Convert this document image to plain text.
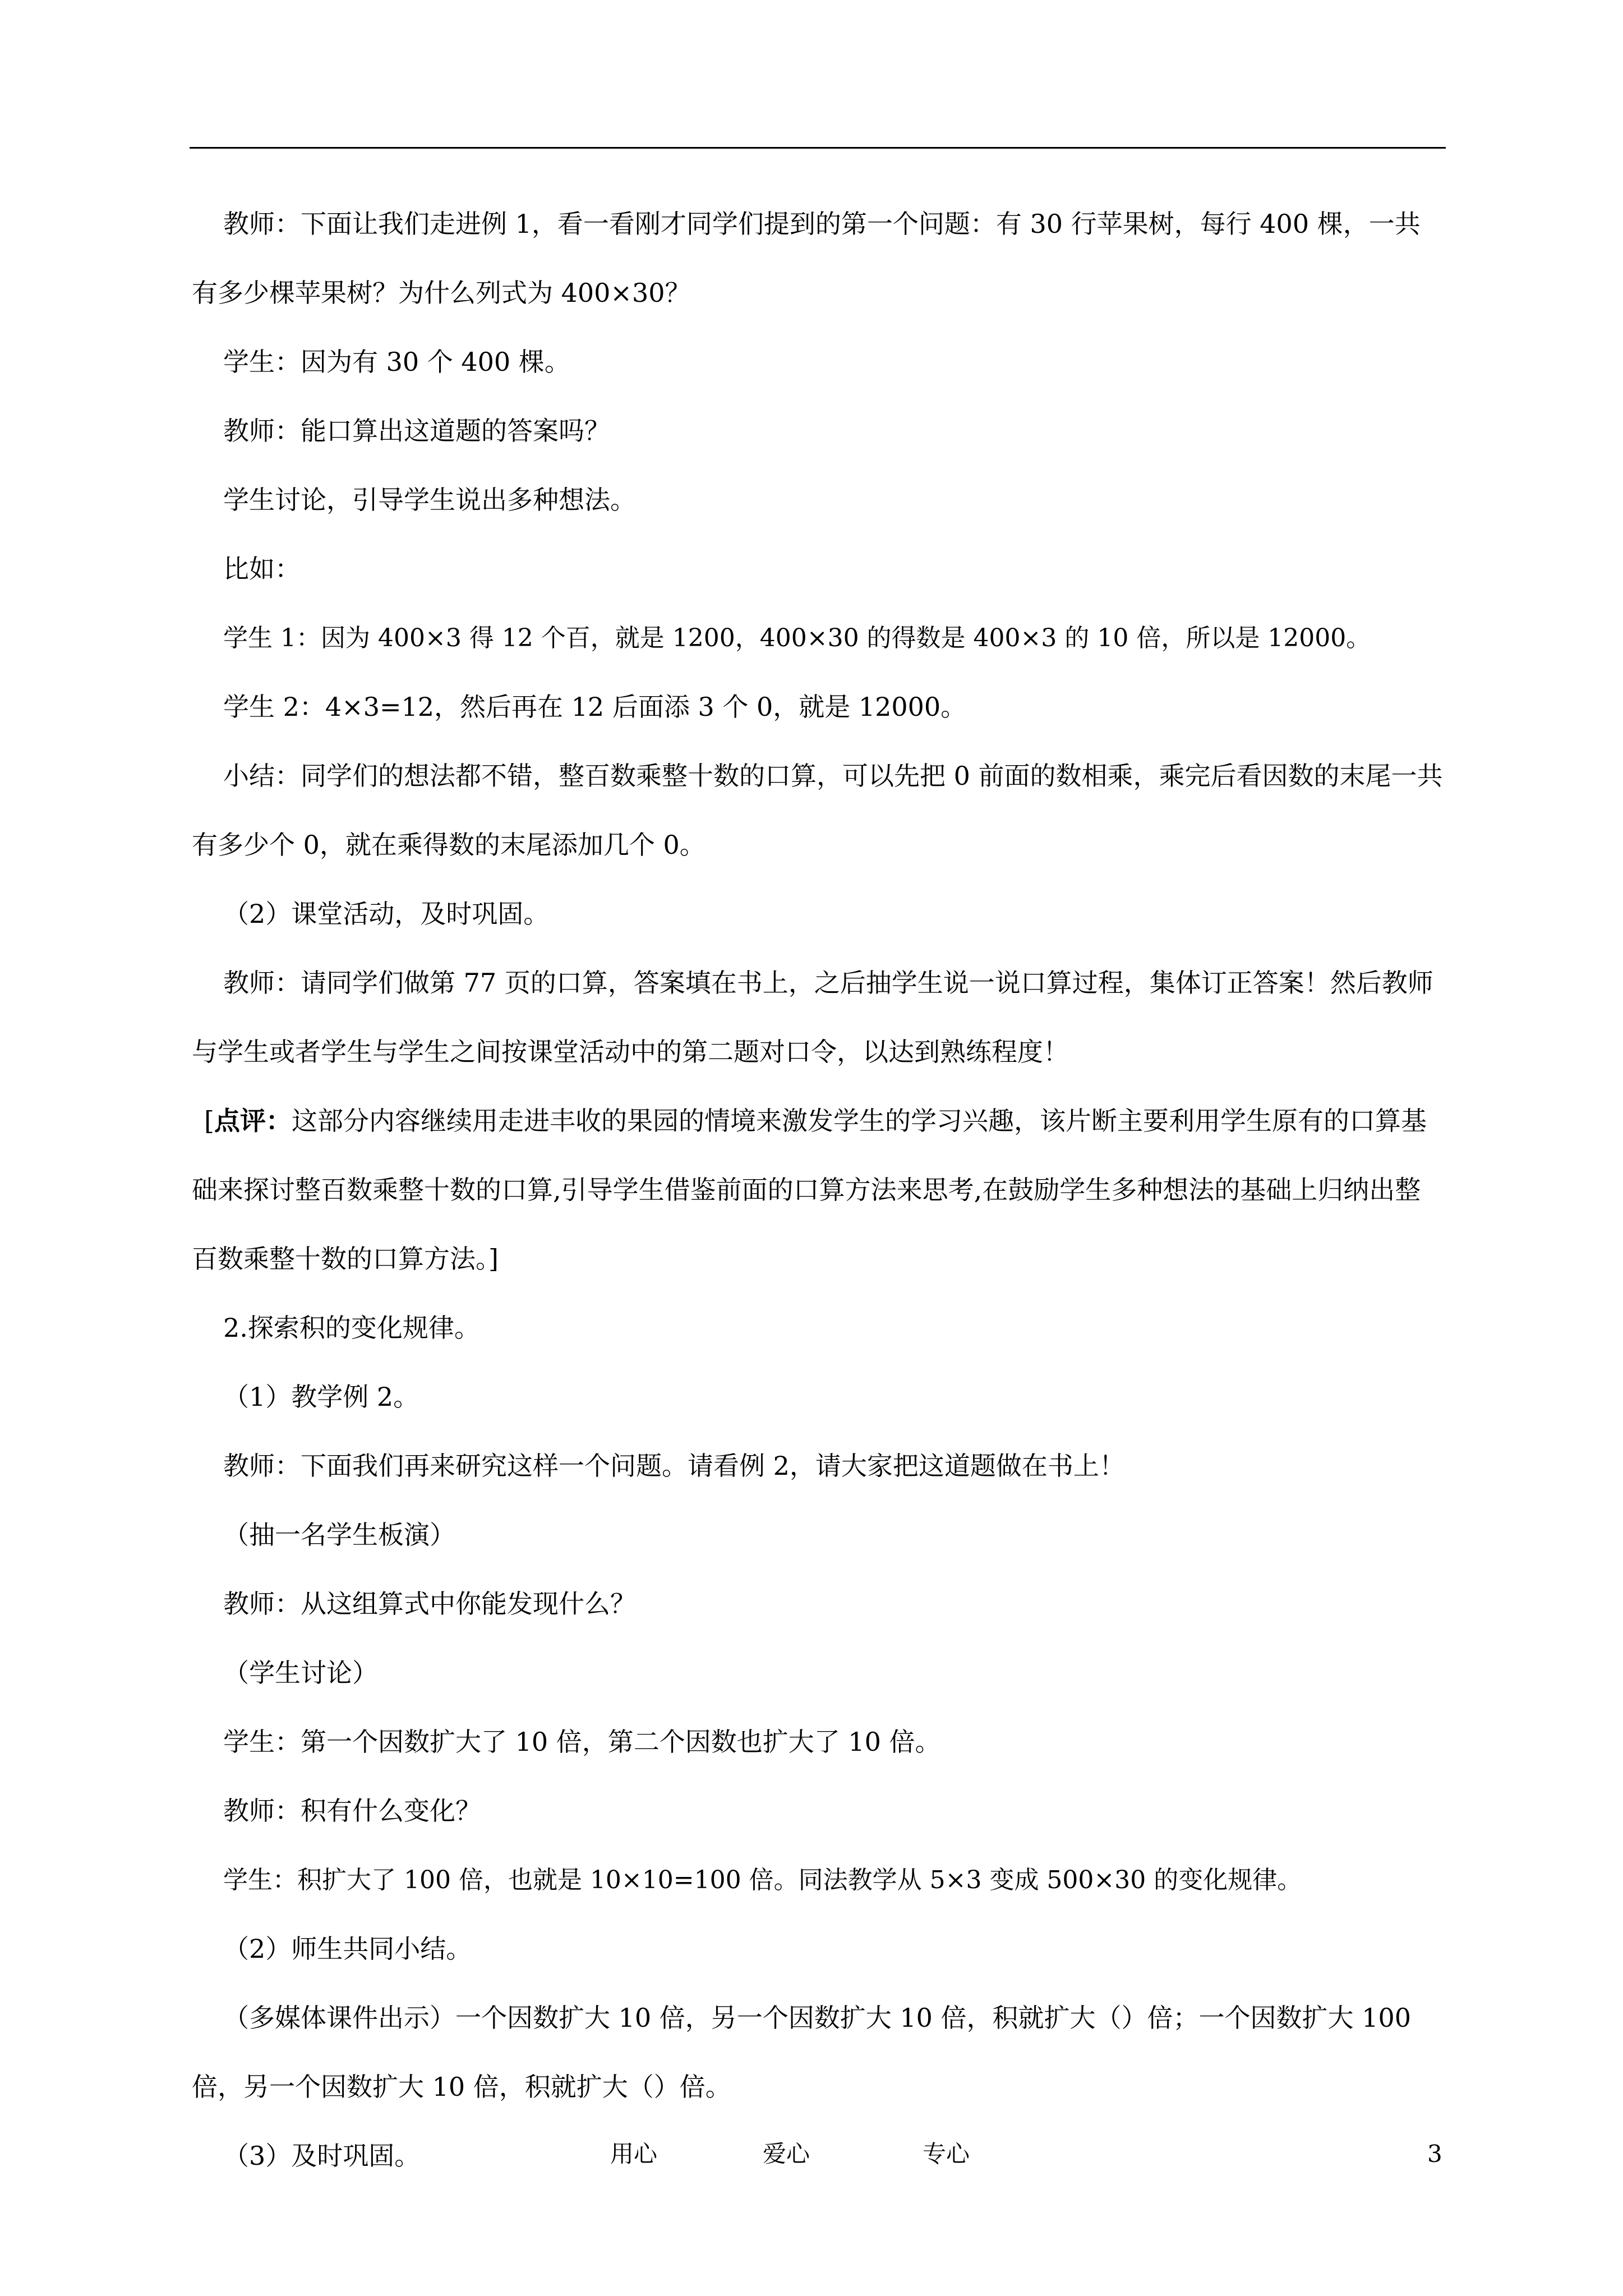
教师：下面让我们走进例 1，看一看刚才同学们提到的第一个问题：有 30 行苹果树，每行 400 棵，一共有多少棵苹果树？为什么列式为 400×30？

学生：因为有 30 个 400 棵。

教师：能口算出这道题的答案吗？

学生讨论，引导学生说出多种想法。

比如：

学生 1：因为 400×3 得 12 个百，就是 1200，400×30 的得数是 400×3 的 10 倍，所以是 12000。

学生 2：4×3=12，然后再在 12 后面添 3 个 0，就是 12000。

小结：同学们的想法都不错，整百数乘整十数的口算，可以先把 0 前面的数相乘，乘完后看因数的末尾一共有多少个 0，就在乘得数的末尾添加几个 0。

（2）课堂活动，及时巩固。

教师：请同学们做第 77 页的口算，答案填在书上，之后抽学生说一说口算过程，集体订正答案！然后教师与学生或者学生与学生之间按课堂活动中的第二题对口令，以达到熟练程度！

[点评：这部分内容继续用走进丰收的果园的情境来激发学生的学习兴趣，该片断主要利用学生原有的口算基础来探讨整百数乘整十数的口算,引导学生借鉴前面的口算方法来思考,在鼓励学生多种想法的基础上归纳出整百数乘整十数的口算方法。]

2.探索积的变化规律。

（1）教学例 2。

教师：下面我们再来研究这样一个问题。请看例 2，请大家把这道题做在书上！

（抽一名学生板演）

教师：从这组算式中你能发现什么？

（学生讨论）

学生：第一个因数扩大了 10 倍，第二个因数也扩大了 10 倍。

教师：积有什么变化？

学生：积扩大了 100 倍，也就是 10×10=100 倍。同法教学从 5×3 变成 500×30 的变化规律。

（2）师生共同小结。

（多媒体课件出示）一个因数扩大 10 倍，另一个因数扩大 10 倍，积就扩大（）倍；一个因数扩大 100 倍，另一个因数扩大 10 倍，积就扩大（）倍。

（3）及时巩固。	用心	爱心	专心	3
